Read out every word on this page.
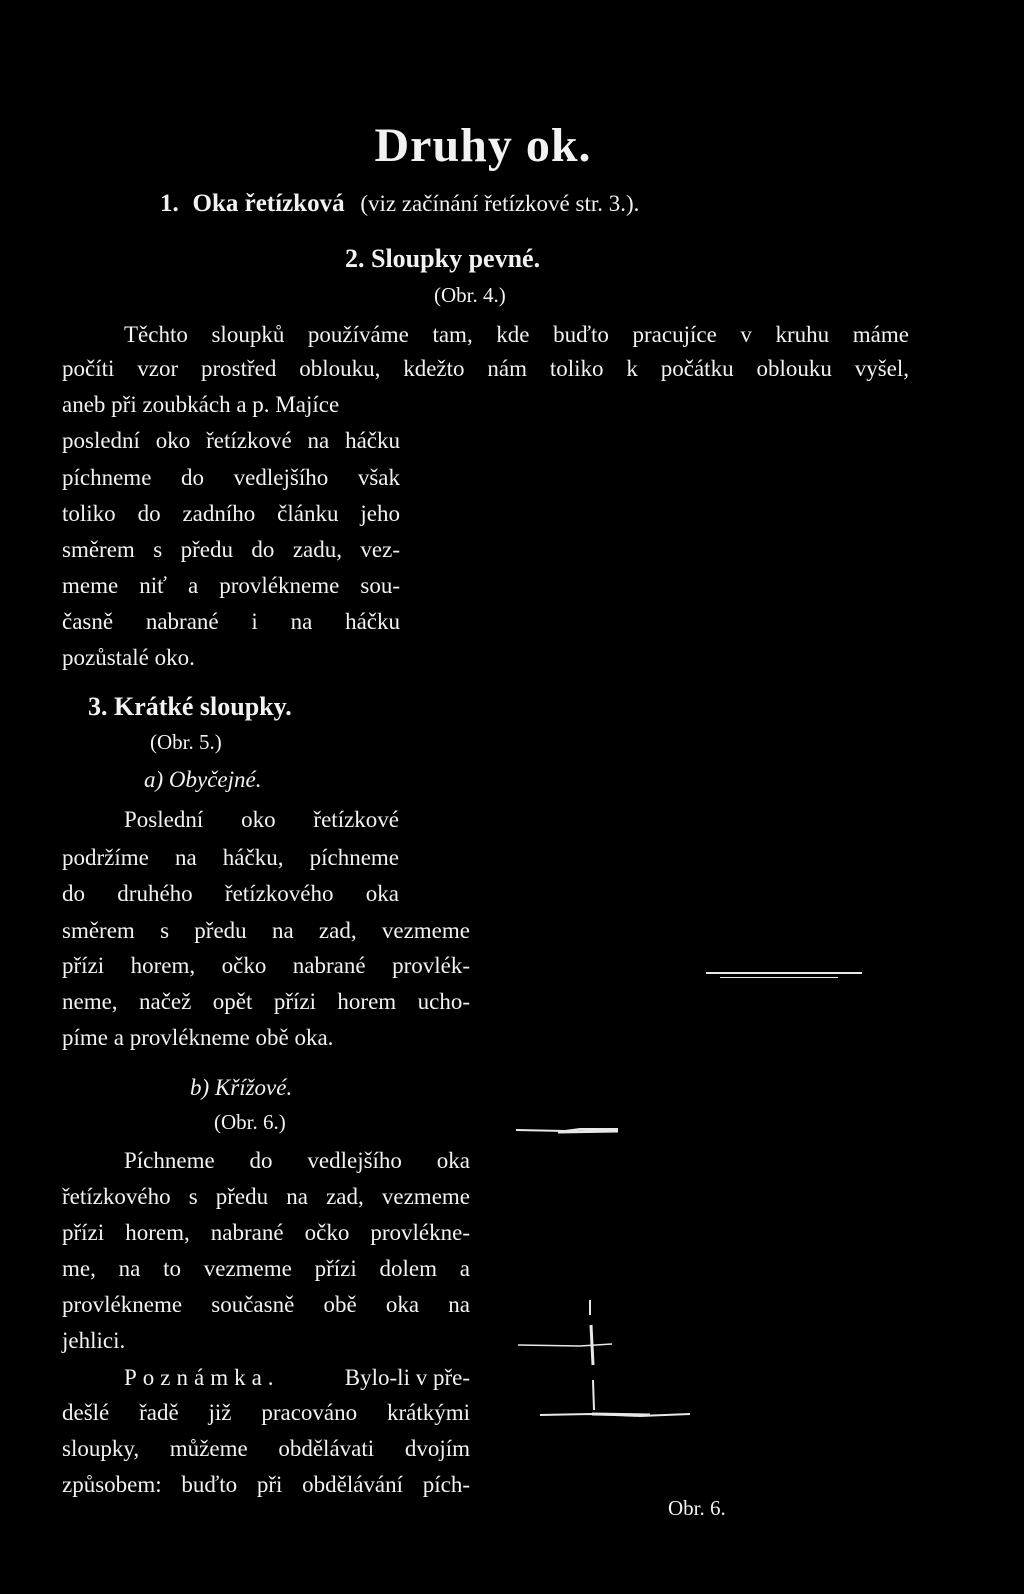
Druhy ok.
1. Oka řetízková (viz začínání řetízkové str. 3.).
2. Sloupky pevné.
(Obr. 4.)
Těchto sloupků používáme tam, kde buďto pracujíce v kruhu máme
počíti vzor prostřed oblouku, kdežto nám toliko k počátku oblouku vyšel,
aneb při zoubkách a p. Majíce
poslední oko řetízkové na háčku
píchneme do vedlejšího však
toliko do zadního článku jeho
směrem s předu do zadu, vez-
meme niť a provlékneme sou-
časně nabrané i na háčku
pozůstalé oko.
3. Krátké sloupky.
(Obr. 5.)
a) Obyčejné.
Poslední oko řetízkové
podržíme na háčku, píchneme
do druhého řetízkového oka
směrem s předu na zad, vezmeme
přízi horem, očko nabrané provlék-
neme, načež opět přízi horem ucho-
píme a provlékneme obě oka.
b) Křížové.
(Obr. 6.)
Píchneme do vedlejšího oka
řetízkového s předu na zad, vezmeme
přízi horem, nabrané očko provlékne-
me, na to vezmeme přízi dolem a
provlékneme současně obě oka na
jehlici.
Poznámka.	Bylo-li v pře-
dešlé řadě již pracováno krátkými
sloupky, můžeme obdělávati dvojím
způsobem: buďto při obdělávání pích-
Obr. 6.
